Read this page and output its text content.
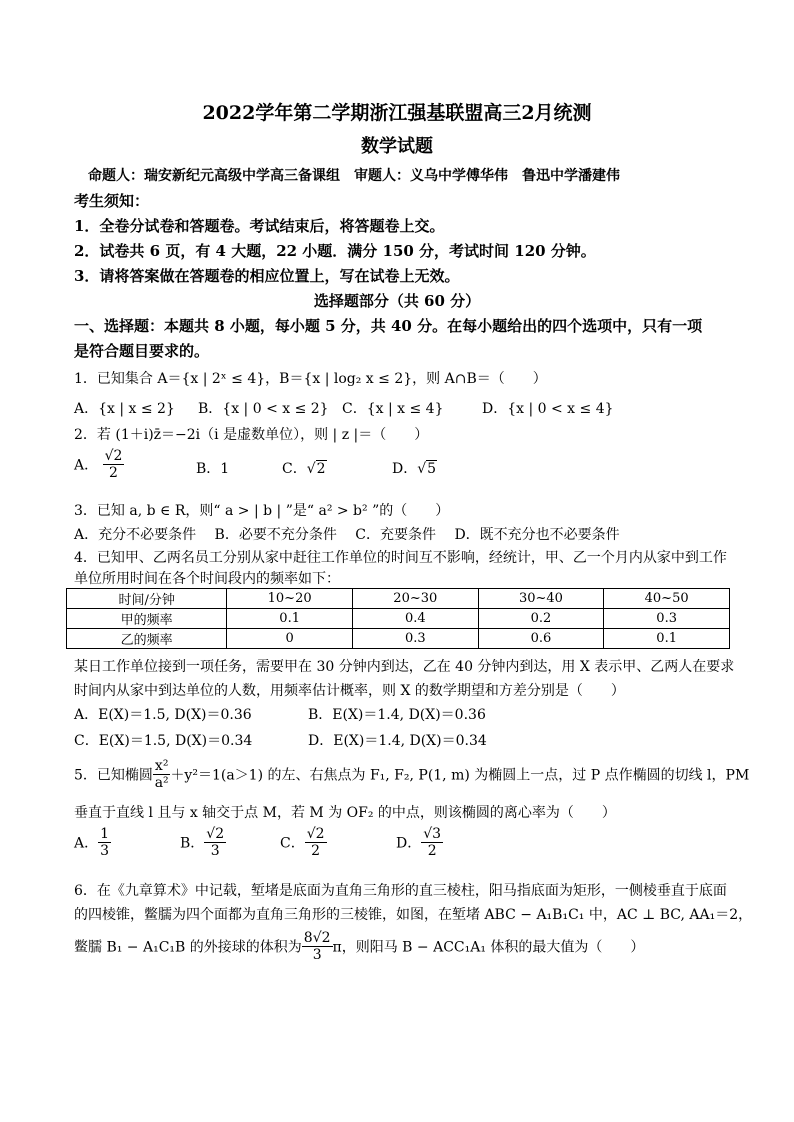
2022学年第二学期浙江强基联盟高三2月统测
数学试题
命题人：瑞安新纪元高级中学高三备课组　审题人：义乌中学傅华伟　鲁迅中学潘建伟
考生须知：
1．全卷分试卷和答题卷。考试结束后，将答题卷上交。
2．试卷共 6 页，有 4 大题，22 小题．满分 150 分，考试时间 120 分钟。
3．请将答案做在答题卷的相应位置上，写在试卷上无效。
选择题部分（共 60 分）
一、选择题：本题共 8 小题，每小题 5 分，共 40 分。在每小题给出的四个选项中，只有一项
是符合题目要求的。
1．已知集合 A＝{x | 2ˣ ≤ 4}，B＝{x | log₂ x ≤ 2}，则 A∩B＝（　　）
A．{x | x ≤ 2} B．{x | 0 < x ≤ 2} C．{x | x ≤ 4}	D．{x | 0 < x ≤ 4}
2．若 (1＋i)z̄＝−2i（i 是虚数单位），则 | z |＝（　　）
A． $\frac{√2}{2}$	B．1	C．√2	D．√5
3．已知 a, b ∈ R，则“ a > | b | ”是“ a² > b² ”的（　　）
A．充分不必要条件　 B．必要不充分条件　 C．充要条件　 D．既不充分也不必要条件
4．已知甲、乙两名员工分别从家中赶往工作单位的时间互不影响，经统计，甲、乙一个月内从家中到工作
单位所用时间在各个时间段内的频率如下：
时间/分钟	10~20	20~30	30~40	40~50
甲的频率	0.1	0.4	0.2	0.3
乙的频率	0	0.3	0.6	0.1
某日工作单位接到一项任务，需要甲在 30 分钟内到达，乙在 40 分钟内到达，用 X 表示甲、乙两人在要求
时间内从家中到达单位的人数，用频率估计概率，则 X 的数学期望和方差分别是（　　）
A．E(X)＝1.5, D(X)＝0.36	B．E(X)＝1.4, D(X)＝0.36
C．E(X)＝1.5, D(X)＝0.34	D．E(X)＝1.4, D(X)＝0.34
5．已知椭圆 $\frac{\text{x²}}{\text{a²}} +y^2=1(a>1)$ 的左、右焦点为 F₁, F₂, P(1, m) 为椭圆上一点，过 P 点作椭圆的切线 l，PM
垂直于直线 l 且与 x 轴交于点 M，若 M 为 OF₂ 的中点，则该椭圆的离心率为（　　）
A． $\frac{1}{3}$	B． $\frac{√2}{3}$	C． $\frac{√2}{2}$	D． $\frac{√3}{2}$
6．在《九章算术》中记载，堑堵是底面为直角三角形的直三棱柱，阳马指底面为矩形，一侧棱垂直于底面
的四棱锥，鳖臑为四个面都为直角三角形的三棱锥，如图，在堑堵 ABC − A₁B₁C₁ 中，AC ⊥ BC, AA₁＝2，
鳖臑 B₁ − A₁C₁B 的外接球的体积为 $\frac{8√2}{3}$ π，则阳马 B − ACC₁A₁ 体积的最大值为（　　）
